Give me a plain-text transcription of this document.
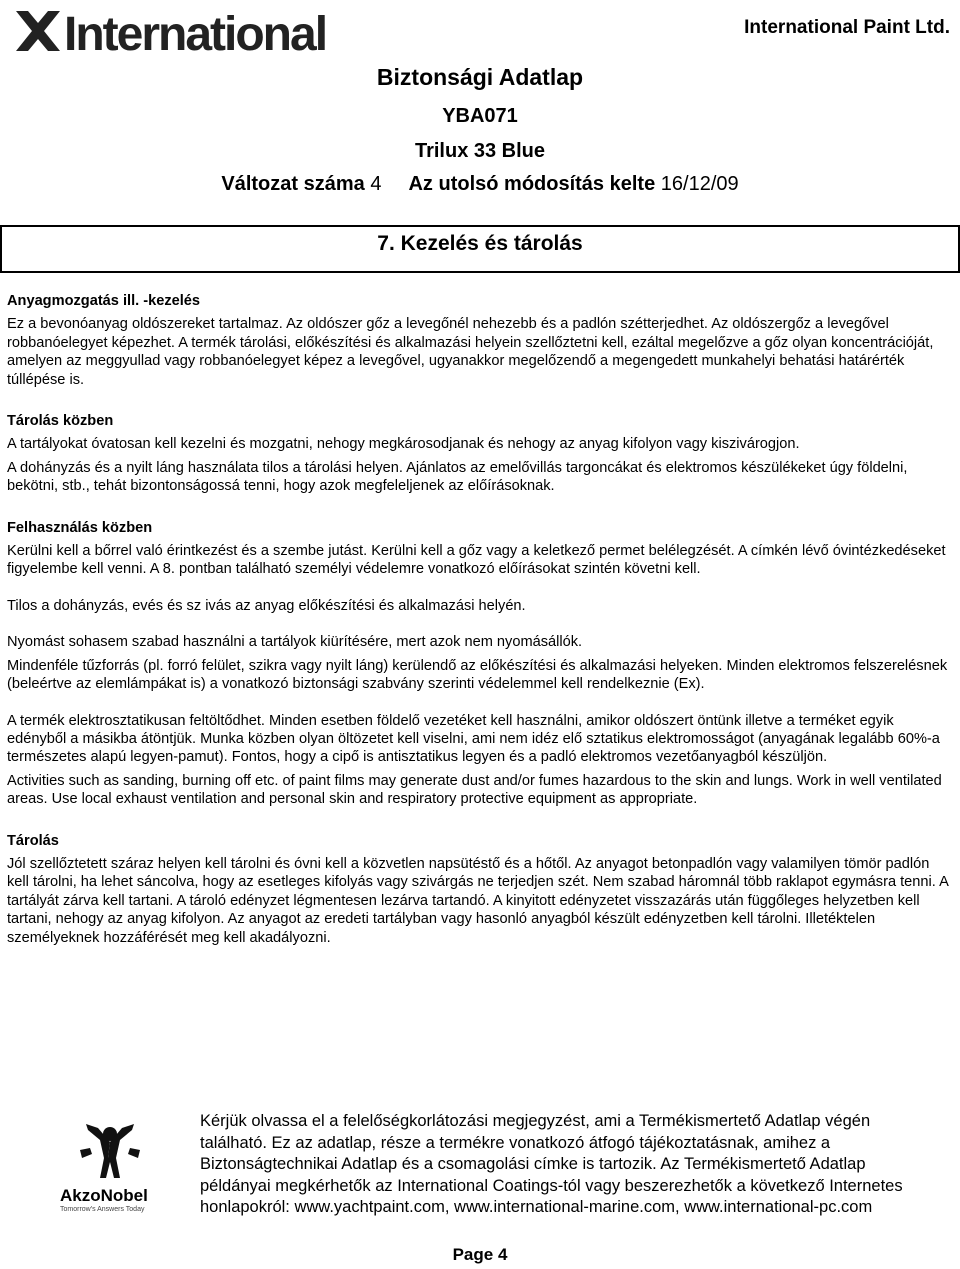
International	International Paint Ltd.
Biztonsági Adatlap
YBA071
Trilux 33 Blue
Változat száma 4 Az utolsó módosítás kelte 16/12/09
7. Kezelés és tárolás

Anyagmozgatás ill. -kezelés

Ez a bevonóanyag oldószereket tartalmaz. Az oldószer gőz a levegőnél nehezebb és a padlón szétterjedhet. Az oldószergőz a levegővel robbanóelegyet képezhet. A termék tárolási, előkészítési és alkalmazási helyein szellőztetni kell, ezáltal megelőzve a gőz olyan koncentrációját, amelyen az meggyullad vagy robbanóelegyet képez a levegővel, ugyanakkor megelőzendő a megengedett munkahelyi behatási határérték túllépése is.

Tárolás közben

A tartályokat óvatosan kell kezelni és mozgatni, nehogy megkárosodjanak és nehogy az anyag kifolyon vagy kiszivárogjon.

A dohányzás és a nyilt láng használata tilos a tárolási helyen. Ajánlatos az emelővillás targoncákat és elektromos készülékeket úgy földelni, bekötni, stb., tehát bizontonságossá tenni, hogy azok megfeleljenek az előírásoknak.

Felhasználás közben

Kerülni kell a bőrrel való érintkezést és a szembe jutást. Kerülni kell a gőz vagy a keletkező permet belélegzését. A címkén lévő óvintézkedéseket figyelembe kell venni. A 8. pontban található személyi védelemre vonatkozó előírásokat szintén követni kell.

Tilos a dohányzás, evés és sz ivás az anyag előkészítési és alkalmazási helyén.

Nyomást sohasem szabad használni a tartályok kiürítésére, mert azok nem nyomásállók.

Mindenféle tűzforrás (pl. forró felület, szikra vagy nyilt láng) kerülendő az előkészítési és alkalmazási helyeken. Minden elektromos felszerelésnek (beleértve az elemlámpákat is) a vonatkozó biztonsági szabvány szerinti védelemmel kell rendelkeznie (Ex).

A termék elektrosztatikusan feltöltődhet. Minden esetben földelő vezetéket kell használni, amikor oldószert öntünk illetve a terméket egyik edényből a másikba átöntjük. Munka közben olyan öltözetet kell viselni, ami nem idéz elő sztatikus elektromosságot (anyagának legalább 60%-a természetes alapú legyen-pamut). Fontos, hogy a cipő is antisztatikus legyen és a padló elektromos vezetőanyagból készüljön.

Activities such as sanding, burning off etc. of paint films may generate dust and/or fumes hazardous to the skin and lungs. Work in well ventilated areas. Use local exhaust ventilation and personal skin and respiratory protective equipment as appropriate.

Tárolás

Jól szellőztetett száraz helyen kell tárolni és óvni kell a közvetlen napsütéstő és a hőtől. Az anyagot betonpadlón vagy valamilyen tömör padlón kell tárolni, ha lehet sáncolva, hogy az esetleges kifolyás vagy szivárgás ne terjedjen szét. Nem szabad háromnál több raklapot egymásra tenni. A tartályát zárva kell tartani. A tároló edényzet légmentesen lezárva tartandó. A kinyitott edényzetet visszazárás után függőleges helyzetben kell tartani, nehogy az anyag kifolyon. Az anyagot az eredeti tartályban vagy hasonló anyagból készült edényzetben kell tárolni. Illetéktelen személyeknek hozzáférését meg kell akadályozni.

AkzoNobel
Tomorrow's Answers Today
Kérjük olvassa el a felelőségkorlátozási megjegyzést, ami a Termékismertető Adatlap végén található. Ez az adatlap, része a termékre vonatkozó átfogó tájékoztatásnak, amihez a Biztonságtechnikai Adatlap és a csomagolási címke is tartozik. Az Termékismertető Adatlap példányai megkérhetők az International Coatings-tól vagy beszerezhetők a következő Internetes honlapokról: www.yachtpaint.com, www.international-marine.com, www.international-pc.com
Page 4
